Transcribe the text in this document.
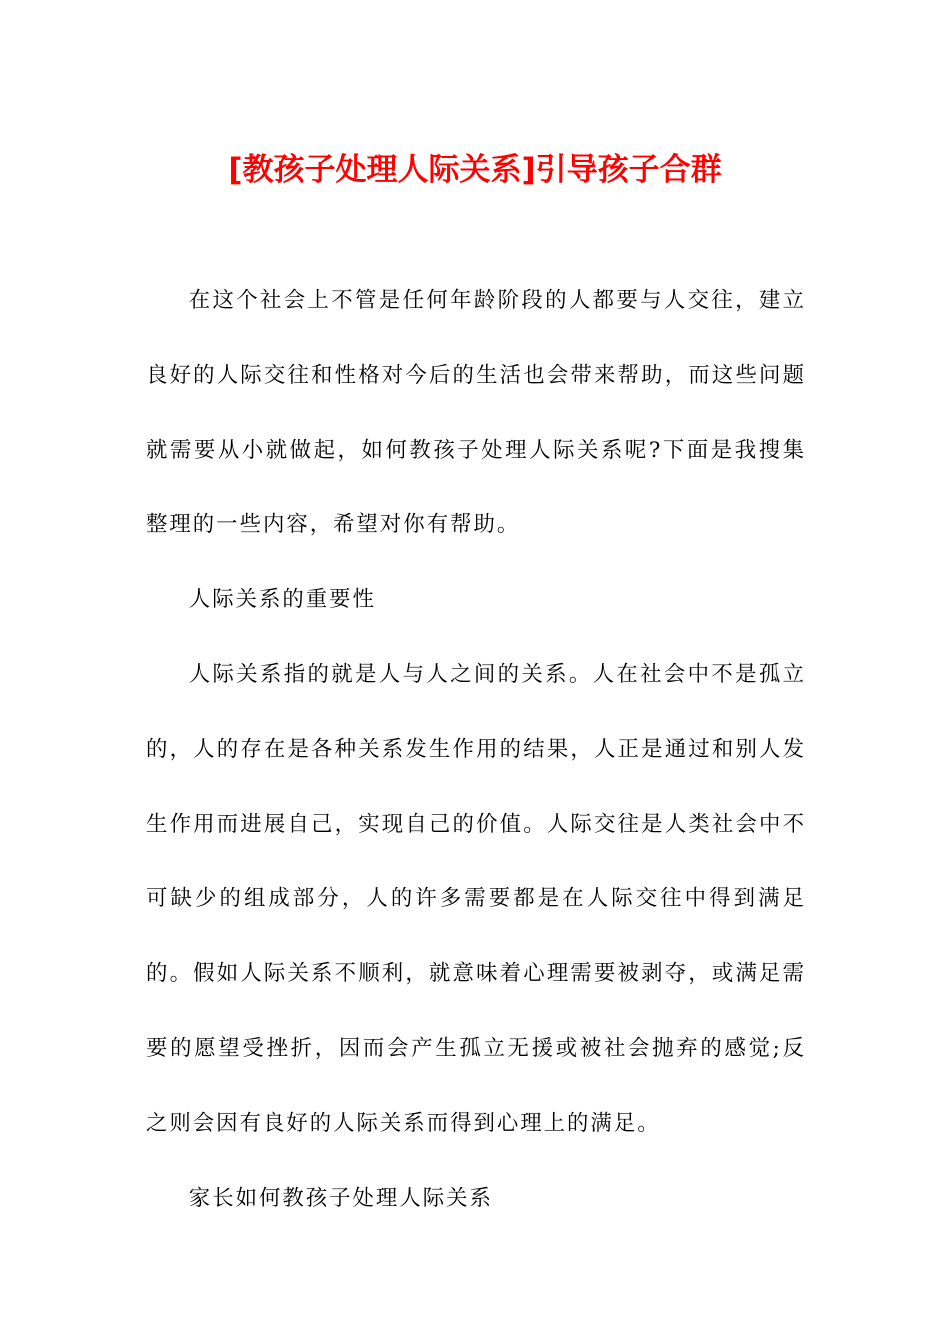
[教孩子处理人际关系]引导孩子合群

在这个社会上不管是任何年龄阶段的人都要与人交往，建立良好的人际交往和性格对今后的生活也会带来帮助，而这些问题就需要从小就做起，如何教孩子处理人际关系呢?下面是我搜集整理的一些内容，希望对你有帮助。

人际关系的重要性

人际关系指的就是人与人之间的关系。人在社会中不是孤立的，人的存在是各种关系发生作用的结果，人正是通过和别人发生作用而进展自己，实现自己的价值。人际交往是人类社会中不可缺少的组成部分，人的许多需要都是在人际交往中得到满足的。假如人际关系不顺利，就意味着心理需要被剥夺，或满足需要的愿望受挫折，因而会产生孤立无援或被社会抛弃的感觉;反之则会因有良好的人际关系而得到心理上的满足。

家长如何教孩子处理人际关系
